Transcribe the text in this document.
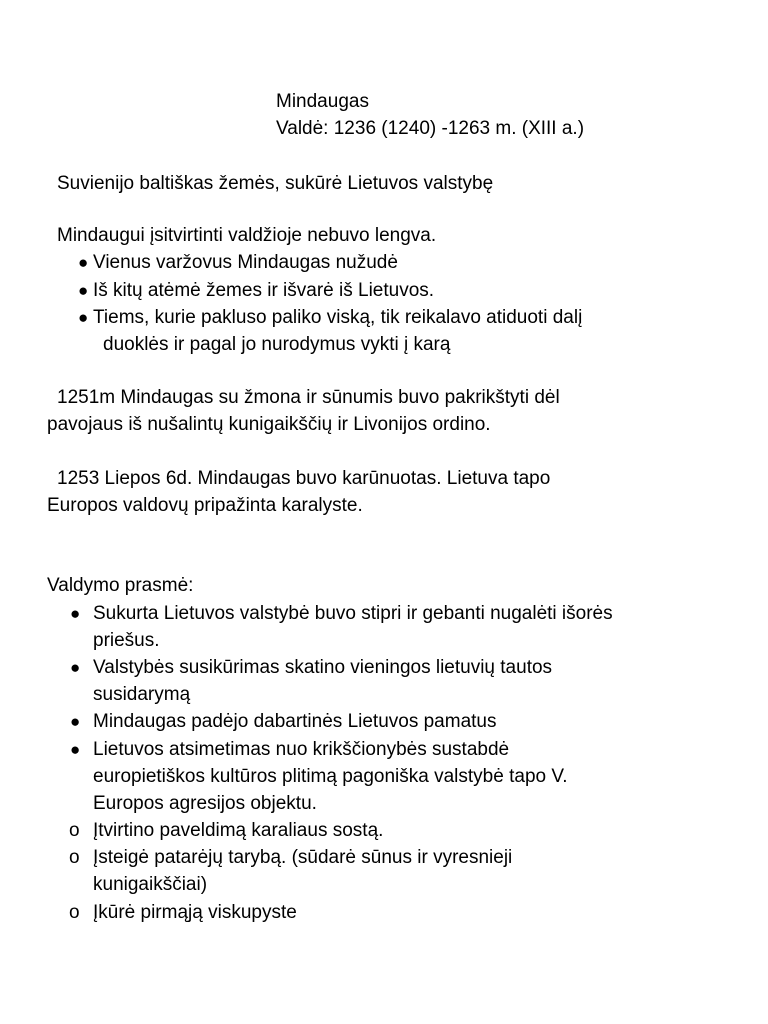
Mindaugas
Valdė: 1236 (1240) -1263 m. (XIII a.)
Suvienijo baltiškas žemės, sukūrė Lietuvos valstybę
Mindaugui įsitvirtinti valdžioje nebuvo lengva.
● Vienus varžovus Mindaugas nužudė
● Iš kitų atėmė žemes ir išvarė iš Lietuvos.
● Tiems, kurie pakluso paliko viską, tik reikalavo atiduoti dalį
duoklės ir pagal jo nurodymus vykti į karą
1251m Mindaugas su žmona ir sūnumis buvo pakrikštyti dėl
pavojaus iš nušalintų kunigaikščių ir Livonijos ordino.
1253 Liepos 6d. Mindaugas buvo karūnuotas. Lietuva tapo
Europos valdovų pripažinta karalyste.
Valdymo prasmė:
● Sukurta Lietuvos valstybė buvo stipri ir gebanti nugalėti išorės
priešus.
● Valstybės susikūrimas skatino vieningos lietuvių tautos
susidarymą
● Mindaugas padėjo dabartinės Lietuvos pamatus
● Lietuvos atsimetimas nuo krikščionybės sustabdė
europietiškos kultūros plitimą pagoniška valstybė tapo V.
Europos agresijos objektu.
o Įtvirtino paveldimą karaliaus sostą.
o Įsteigė patarėjų tarybą. (sūdarė sūnus ir vyresnieji
kunigaikščiai)
o Įkūrė pirmąją viskupyste
